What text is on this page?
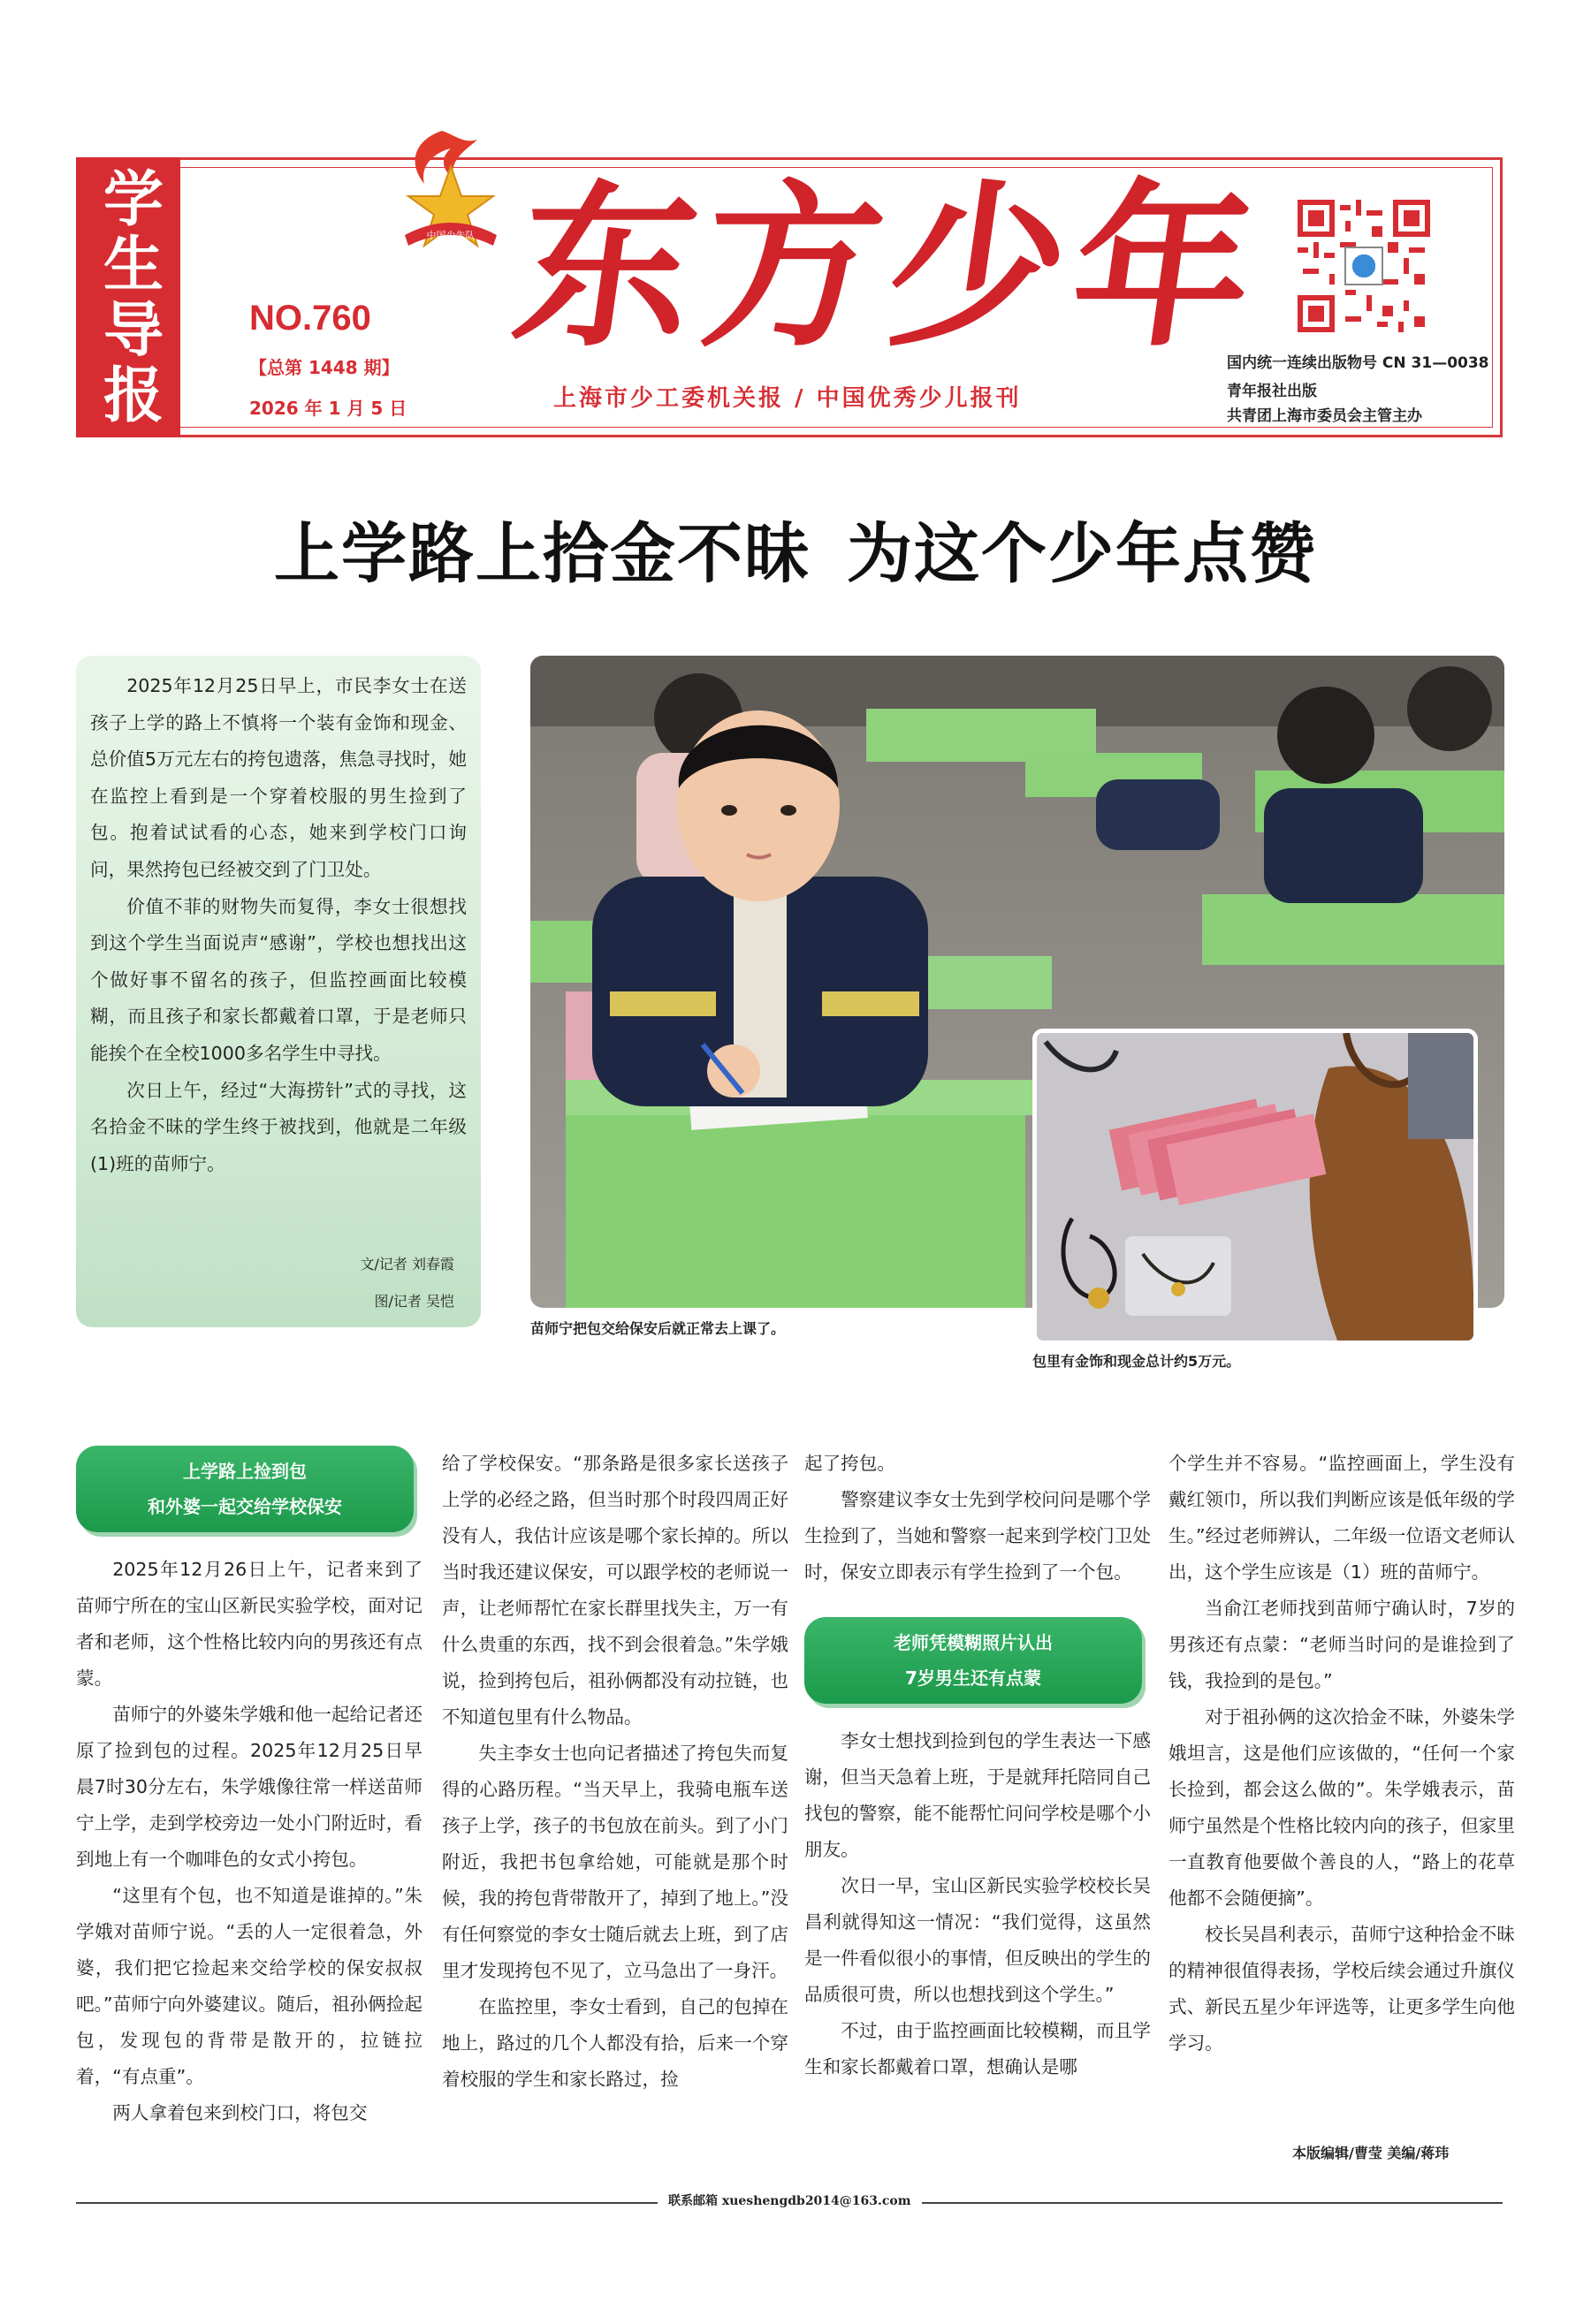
学生导报 NO.760
【总第 1448 期】
2026 年 1 月 5 日
中国少先队 东方少年
上海市少工委机关报 / 中国优秀少儿报刊
国内统一连续出版物号 CN 31—0038
青年报社出版
共青团上海市委员会主管主办
上学路上拾金不昧 为这个少年点赞

2025年12月25日早上，市民李女士在送孩子上学的路上不慎将一个装有金饰和现金、总价值5万元左右的挎包遗落，焦急寻找时，她在监控上看到是一个穿着校服的男生捡到了包。抱着试试看的心态，她来到学校门口询问，果然挎包已经被交到了门卫处。

价值不菲的财物失而复得，李女士很想找到这个学生当面说声“感谢”，学校也想找出这个做好事不留名的孩子，但监控画面比较模糊，而且孩子和家长都戴着口罩，于是老师只能挨个在全校1000多名学生中寻找。

次日上午，经过“大海捞针”式的寻找，这名拾金不昧的学生终于被找到，他就是二年级(1)班的苗师宁。

文/记者 刘春霞
图/记者 吴恺
苗师宁把包交给保安后就正常去上课了。
包里有金饰和现金总计约5万元。
上学路上捡到包
和外婆一起交给学校保安

2025年12月26日上午，记者来到了苗师宁所在的宝山区新民实验学校，面对记者和老师，这个性格比较内向的男孩还有点蒙。

苗师宁的外婆朱学娥和他一起给记者还原了捡到包的过程。2025年12月25日早晨7时30分左右，朱学娥像往常一样送苗师宁上学，走到学校旁边一处小门附近时，看到地上有一个咖啡色的女式小挎包。

“这里有个包，也不知道是谁掉的。”朱学娥对苗师宁说。“丢的人一定很着急，外婆，我们把它捡起来交给学校的保安叔叔吧。”苗师宁向外婆建议。随后，祖孙俩捡起包，发现包的背带是散开的，拉链拉着，“有点重”。

两人拿着包来到校门口，将包交

给了学校保安。“那条路是很多家长送孩子上学的必经之路，但当时那个时段四周正好没有人，我估计应该是哪个家长掉的。所以当时我还建议保安，可以跟学校的老师说一声，让老师帮忙在家长群里找失主，万一有什么贵重的东西，找不到会很着急。”朱学娥说，捡到挎包后，祖孙俩都没有动拉链，也不知道包里有什么物品。

失主李女士也向记者描述了挎包失而复得的心路历程。“当天早上，我骑电瓶车送孩子上学，孩子的书包放在前头。到了小门附近，我把书包拿给她，可能就是那个时候，我的挎包背带散开了，掉到了地上。”没有任何察觉的李女士随后就去上班，到了店里才发现挎包不见了，立马急出了一身汗。

在监控里，李女士看到，自己的包掉在地上，路过的几个人都没有拾，后来一个穿着校服的学生和家长路过，捡

起了挎包。

警察建议李女士先到学校问问是哪个学生捡到了，当她和警察一起来到学校门卫处时，保安立即表示有学生捡到了一个包。

老师凭模糊照片认出
7岁男生还有点蒙

李女士想找到捡到包的学生表达一下感谢，但当天急着上班，于是就拜托陪同自己找包的警察，能不能帮忙问问学校是哪个小朋友。

次日一早，宝山区新民实验学校校长吴昌利就得知这一情况：“我们觉得，这虽然是一件看似很小的事情，但反映出的学生的品质很可贵，所以也想找到这个学生。”

不过，由于监控画面比较模糊，而且学生和家长都戴着口罩，想确认是哪

个学生并不容易。“监控画面上，学生没有戴红领巾，所以我们判断应该是低年级的学生。”经过老师辨认，二年级一位语文老师认出，这个学生应该是（1）班的苗师宁。

当俞江老师找到苗师宁确认时，7岁的男孩还有点蒙：“老师当时问的是谁捡到了钱，我捡到的是包。”

对于祖孙俩的这次拾金不昧，外婆朱学娥坦言，这是他们应该做的，“任何一个家长捡到，都会这么做的”。朱学娥表示，苗师宁虽然是个性格比较内向的孩子，但家里一直教育他要做个善良的人，“路上的花草他都不会随便摘”。

校长吴昌利表示，苗师宁这种拾金不昧的精神很值得表扬，学校后续会通过升旗仪式、新民五星少年评选等，让更多学生向他学习。

本版编辑/曹莹 美编/蒋玮
联系邮箱 xueshengdb2014@163.com
